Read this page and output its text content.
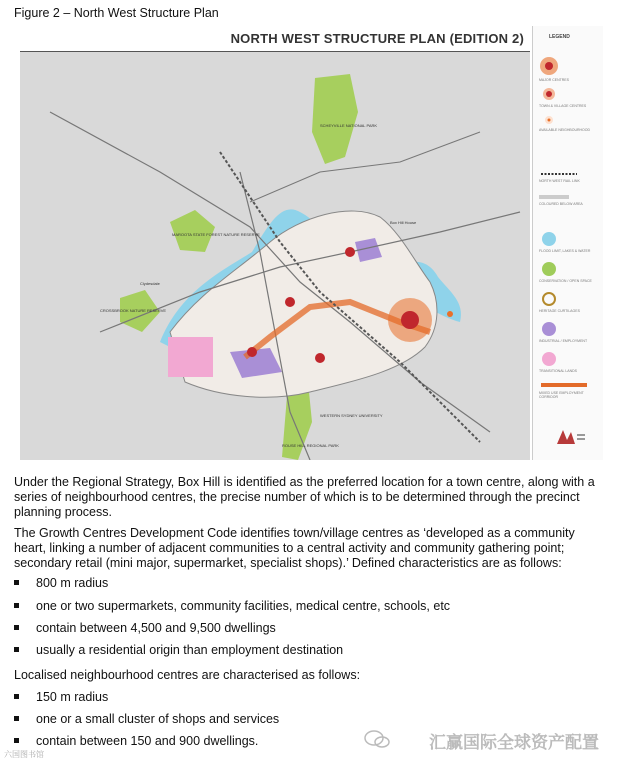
Figure 2 – North West Structure Plan
NORTH WEST STRUCTURE PLAN (EDITION 2)
SCHEYVILLE NATIONAL PARK
Box Hill House
MAROOTA STATE FOREST NATURE RESERVE
Clydesdale
CROSSBROOK NATURE RESERVE
ROUSE HILL REGIONAL PARK
WESTERN SYDNEY UNIVERSITY
LEGEND
MAJOR CENTRES
TOWN & VILLAGE CENTRES
AVAILABLE NEIGHBOURHOOD
NORTH WEST RAIL LINK
COLOURED BELOW AREA
FLOOD LIMIT, LAKES & WATER
CONSERVATION / OPEN SPACE
HERITAGE CURTILAGES
INDUSTRIAL / EMPLOYMENT
TRANSITIONAL LANDS
MIXED USE EMPLOYMENT CORRIDOR
Under the Regional Strategy, Box Hill is identified as the preferred location for a town centre, along with a series of neighbourhood centres, the precise number of which is to be determined through the precinct planning process.
The Growth Centres Development Code identifies town/village centres as ‘developed as a community heart, linking a number of adjacent communities to a central activity and community gathering point; secondary retail (mini major, supermarket, specialist shops).’ Defined characteristics are as follows:
800 m radius
one or two supermarkets, community facilities, medical centre, schools, etc
contain between 4,500 and 9,500 dwellings
usually a residential origin than employment destination
Localised neighbourhood centres are characterised as follows:
150 m radius
one or a small cluster of shops and services
contain between 150 and 900 dwellings.	汇赢国际全球资产配置
六国图书馆
